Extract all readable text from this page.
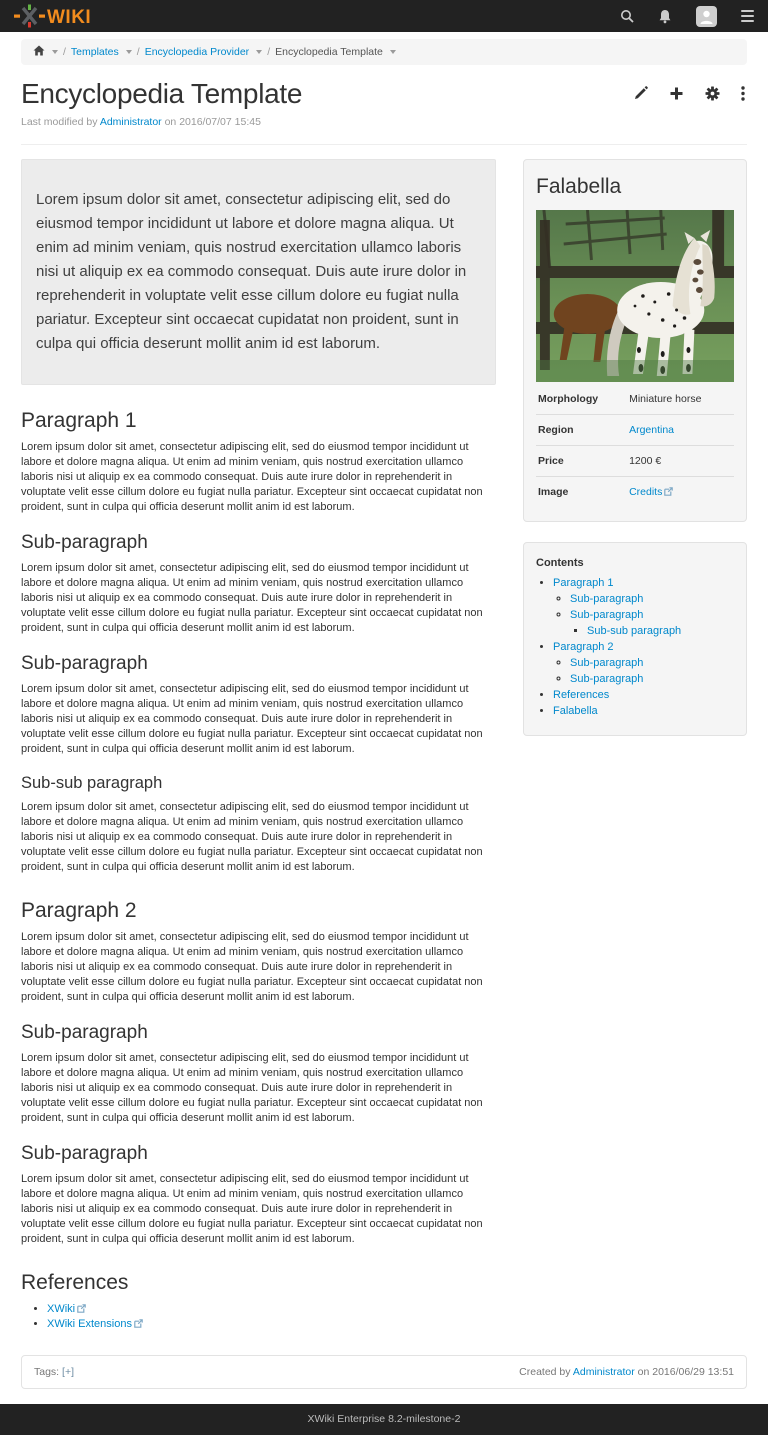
WIKI
/ Templates / Encyclopedia Provider / Encyclopedia Template
Encyclopedia Template
Last modified by Administrator on 2016/07/07 15:45
Lorem ipsum dolor sit amet, consectetur adipiscing elit, sed do eiusmod tempor incididunt ut labore et dolore magna aliqua. Ut enim ad minim veniam, quis nostrud exercitation ullamco laboris nisi ut aliquip ex ea commodo consequat. Duis aute irure dolor in reprehenderit in voluptate velit esse cillum dolore eu fugiat nulla pariatur. Excepteur sint occaecat cupidatat non proident, sunt in culpa qui officia deserunt mollit anim id est laborum.
Paragraph 1

Lorem ipsum dolor sit amet, consectetur adipiscing elit, sed do eiusmod tempor incididunt ut labore et dolore magna aliqua. Ut enim ad minim veniam, quis nostrud exercitation ullamco laboris nisi ut aliquip ex ea commodo consequat. Duis aute irure dolor in reprehenderit in voluptate velit esse cillum dolore eu fugiat nulla pariatur. Excepteur sint occaecat cupidatat non proident, sunt in culpa qui officia deserunt mollit anim id est laborum.

Sub-paragraph

Lorem ipsum dolor sit amet, consectetur adipiscing elit, sed do eiusmod tempor incididunt ut labore et dolore magna aliqua. Ut enim ad minim veniam, quis nostrud exercitation ullamco laboris nisi ut aliquip ex ea commodo consequat. Duis aute irure dolor in reprehenderit in voluptate velit esse cillum dolore eu fugiat nulla pariatur. Excepteur sint occaecat cupidatat non proident, sunt in culpa qui officia deserunt mollit anim id est laborum.

Sub-paragraph

Lorem ipsum dolor sit amet, consectetur adipiscing elit, sed do eiusmod tempor incididunt ut labore et dolore magna aliqua. Ut enim ad minim veniam, quis nostrud exercitation ullamco laboris nisi ut aliquip ex ea commodo consequat. Duis aute irure dolor in reprehenderit in voluptate velit esse cillum dolore eu fugiat nulla pariatur. Excepteur sint occaecat cupidatat non proident, sunt in culpa qui officia deserunt mollit anim id est laborum.

Sub-sub paragraph

Lorem ipsum dolor sit amet, consectetur adipiscing elit, sed do eiusmod tempor incididunt ut labore et dolore magna aliqua. Ut enim ad minim veniam, quis nostrud exercitation ullamco laboris nisi ut aliquip ex ea commodo consequat. Duis aute irure dolor in reprehenderit in voluptate velit esse cillum dolore eu fugiat nulla pariatur. Excepteur sint occaecat cupidatat non proident, sunt in culpa qui officia deserunt mollit anim id est laborum.

Paragraph 2

Lorem ipsum dolor sit amet, consectetur adipiscing elit, sed do eiusmod tempor incididunt ut labore et dolore magna aliqua. Ut enim ad minim veniam, quis nostrud exercitation ullamco laboris nisi ut aliquip ex ea commodo consequat. Duis aute irure dolor in reprehenderit in voluptate velit esse cillum dolore eu fugiat nulla pariatur. Excepteur sint occaecat cupidatat non proident, sunt in culpa qui officia deserunt mollit anim id est laborum.

Sub-paragraph

Lorem ipsum dolor sit amet, consectetur adipiscing elit, sed do eiusmod tempor incididunt ut labore et dolore magna aliqua. Ut enim ad minim veniam, quis nostrud exercitation ullamco laboris nisi ut aliquip ex ea commodo consequat. Duis aute irure dolor in reprehenderit in voluptate velit esse cillum dolore eu fugiat nulla pariatur. Excepteur sint occaecat cupidatat non proident, sunt in culpa qui officia deserunt mollit anim id est laborum.

Sub-paragraph

Lorem ipsum dolor sit amet, consectetur adipiscing elit, sed do eiusmod tempor incididunt ut labore et dolore magna aliqua. Ut enim ad minim veniam, quis nostrud exercitation ullamco laboris nisi ut aliquip ex ea commodo consequat. Duis aute irure dolor in reprehenderit in voluptate velit esse cillum dolore eu fugiat nulla pariatur. Excepteur sint occaecat cupidatat non proident, sunt in culpa qui officia deserunt mollit anim id est laborum.

References
• XWiki
• XWiki Extensions
Falabella
Morphology	Miniature horse
Region	Argentina
Price	1200 €
Image	Credits
Contents
• Paragraph 1
◦ Sub-paragraph
◦ Sub-paragraph
▪ Sub-sub paragraph
• Paragraph 2
◦ Sub-paragraph
◦ Sub-paragraph
• References
• Falabella
Tags: [+]	Created by Administrator on 2016/06/29 13:51
XWiki Enterprise 8.2-milestone-2
